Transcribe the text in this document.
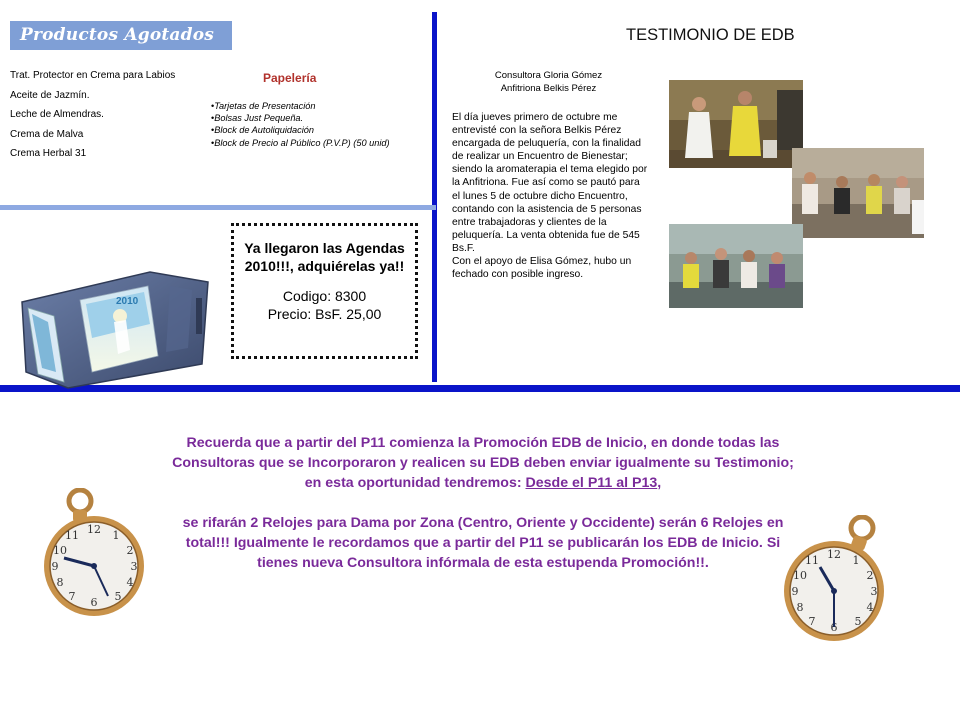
Productos Agotados
Trat. Protector en Crema para Labios
Aceite de Jazmín.
Leche de Almendras.
Crema de Malva
Crema Herbal 31
Papelería
• Tarjetas de Presentación
• Bolsas Just Pequeña.
• Block de Autoliquidación
• Block de Precio al Público (P.V.P) (50 unid)
2010

Ya llegaron las Agendas 2010!!!, adquiérelas ya!!

Codigo: 8300

Precio: BsF. 25,00

TESTIMONIO DE EDB
Consultora Gloria Gómez
Anfitriona Belkis Pérez

El día jueves primero de octubre me entrevisté con la señora Belkis Pérez encargada de peluquería, con la finalidad de realizar un Encuentro de Bienestar; siendo la aromaterapia el tema elegido por la Anfitriona. Fue así como se pautó para el lunes 5 de octubre dicho Encuentro, contando con la asistencia de 5 personas entre trabajadoras y clientes de la peluquería. La venta obtenida fue de 545 Bs.F.

Con el apoyo de Elisa Gómez, hubo un fechado con posible ingreso.

Recuerda que a partir del P11 comienza la Promoción EDB de Inicio, en donde todas las Consultoras que se Incorporaron y realicen su EDB deben enviar igualmente su Testimonio; en esta oportunidad tendremos: Desde el P11 al P13,

se rifarán 2 Relojes para Dama por Zona (Centro, Oriente y Occidente) serán 6 Relojes en total!!! Igualmente le recordamos que a partir del P11 se publicarán los EDB de Inicio. Si tienes nueva Consultora infórmala de esta estupenda Promoción!!.

12 1
2
3
4
5
6
7
8
9
10
11
12 1
2
3
4
5
6
7
8
9
10
11
